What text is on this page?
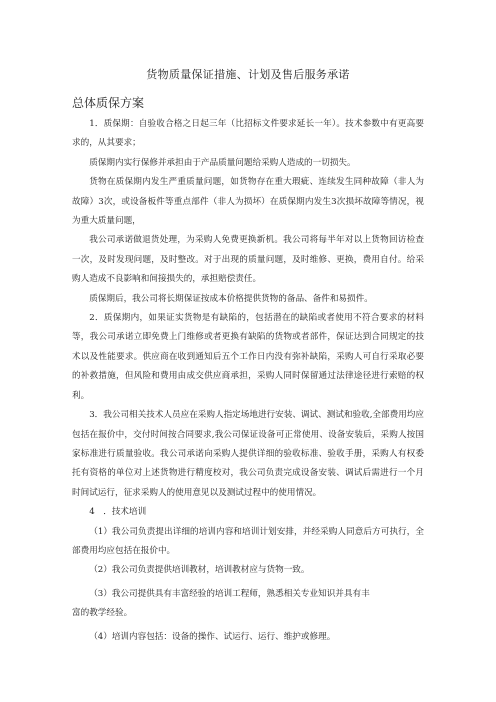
货物质量保证措施、计划及售后服务承诺
总体质保方案

1．质保期：自验收合格之日起三年（比招标文件要求延长一年）。技术参数中有更高要求的，从其要求；

质保期内实行保修并承担由于产品质量问题给采购人造成的一切损失。

货物在质保期内发生严重质量问题，如货物存在重大瑕疵、连续发生同种故障（非人为故障）3次，或设备板件等重点部件（非人为损坏）在质保期内发生3次损坏故障等情况，视为重大质量问题，

我公司承诺做退货处理，为采购人免费更换新机。我公司将每半年对以上货物回访检查一次，及时发现问题，及时整改。对于出现的质量问题，及时维修、更换，费用自付。给采购人造成不良影响和间接损失的，承担赔偿责任。

质保期后，我公司将长期保证按成本价格提供货物的备品、备件和易损件。

2．质保期内，如果证实货物是有缺陷的，包括潜在的缺陷或者使用不符合要求的材料等，我公司承诺立即免费上门维修或者更换有缺陷的货物或者部件，保证达到合同规定的技术以及性能要求。供应商在收到通知后五个工作日内没有弥补缺陷，采购人可自行采取必要的补救措施，但风险和费用由成交供应商承担，采购人同时保留通过法律途径进行索赔的权利。

3．我公司相关技术人员应在采购人指定场地进行安装、调试、测试和验收,全部费用均应包括在报价中，交付时间按合同要求,我公司保证设备可正常使用、设备安装后，采购人按国家标准进行质量验收。我公司承诺向采购人提供详细的验收标准、验收手册，采购人有权委托有资格的单位对上述货物进行精度校对，我公司负责完成设备安装、调试后需进行一个月时间试运行，征求采购人的使用意见以及测试过程中的使用情况。

4　．技术培训

（1）我公司负责提出详细的培训内容和培训计划安排，并经采购人同意后方可执行，全部费用均应包括在报价中。

（2）我公司负责提供培训教材，培训教材应与货物一致。

（3）我公司提供具有丰富经验的培训工程师，熟悉相关专业知识并具有丰

富的教学经验。

（4）培训内容包括：设备的操作、试运行、运行、维护或修理。
